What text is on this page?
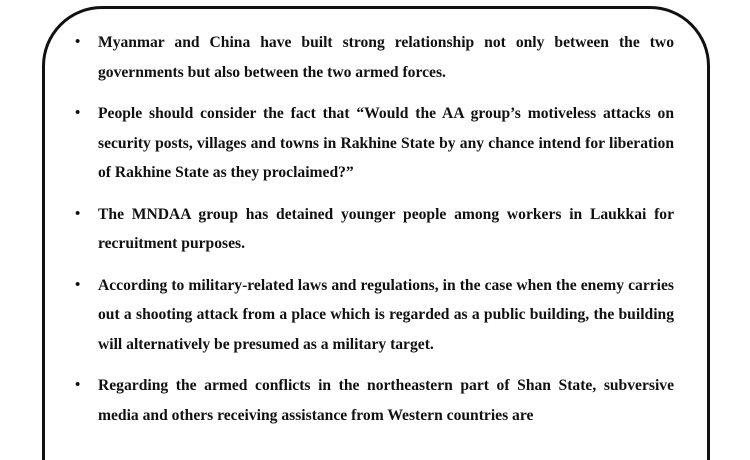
• Myanmar and China have built strong relationship not only between the two governments but also between the two armed forces.
• People should consider the fact that “Would the AA group’s motiveless attacks on security posts, villages and towns in Rakhine State by any chance intend for liberation of Rakhine State as they proclaimed?”
• The MNDAA group has detained younger people among workers in Laukkai for recruitment purposes.
• According to military-related laws and regulations, in the case when the enemy carries out a shooting attack from a place which is regarded as a public building, the building will alternatively be presumed as a military target.
• Regarding the armed conflicts in the northeastern part of Shan State, subversive media and others receiving assistance from Western countries are
